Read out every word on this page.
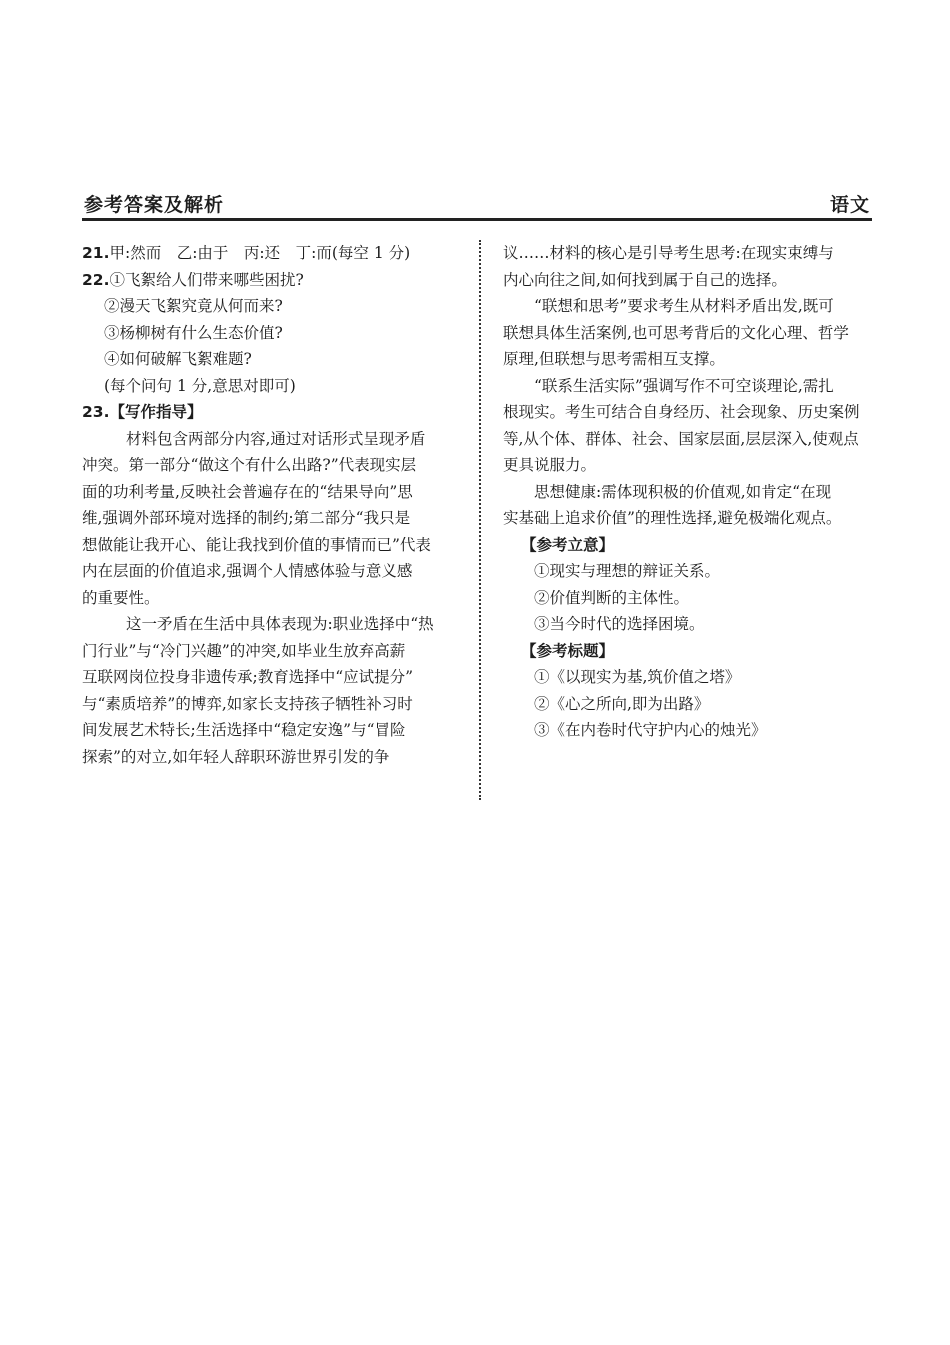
参考答案及解析	语文
21.甲:然而　乙:由于　丙:还　丁:而(每空 1 分)
22.①飞絮给人们带来哪些困扰?
②漫天飞絮究竟从何而来?
③杨柳树有什么生态价值?
④如何破解飞絮难题?
(每个问句 1 分,意思对即可)
23.【写作指导】
材料包含两部分内容,通过对话形式呈现矛盾
冲突。第一部分“做这个有什么出路?”代表现实层
面的功利考量,反映社会普遍存在的“结果导向”思
维,强调外部环境对选择的制约;第二部分“我只是
想做能让我开心、能让我找到价值的事情而已”代表
内在层面的价值追求,强调个人情感体验与意义感
的重要性。
这一矛盾在生活中具体表现为:职业选择中“热
门行业”与“冷门兴趣”的冲突,如毕业生放弃高薪
互联网岗位投身非遗传承;教育选择中“应试提分”
与“素质培养”的博弈,如家长支持孩子牺牲补习时
间发展艺术特长;生活选择中“稳定安逸”与“冒险
探索”的对立,如年轻人辞职环游世界引发的争
议……材料的核心是引导考生思考:在现实束缚与
内心向往之间,如何找到属于自己的选择。
“联想和思考”要求考生从材料矛盾出发,既可
联想具体生活案例,也可思考背后的文化心理、哲学
原理,但联想与思考需相互支撑。
“联系生活实际”强调写作不可空谈理论,需扎
根现实。考生可结合自身经历、社会现象、历史案例
等,从个体、群体、社会、国家层面,层层深入,使观点
更具说服力。
思想健康:需体现积极的价值观,如肯定“在现
实基础上追求价值”的理性选择,避免极端化观点。
【参考立意】
①现实与理想的辩证关系。
②价值判断的主体性。
③当今时代的选择困境。
【参考标题】
①《以现实为基,筑价值之塔》
②《心之所向,即为出路》
③《在内卷时代守护内心的烛光》
